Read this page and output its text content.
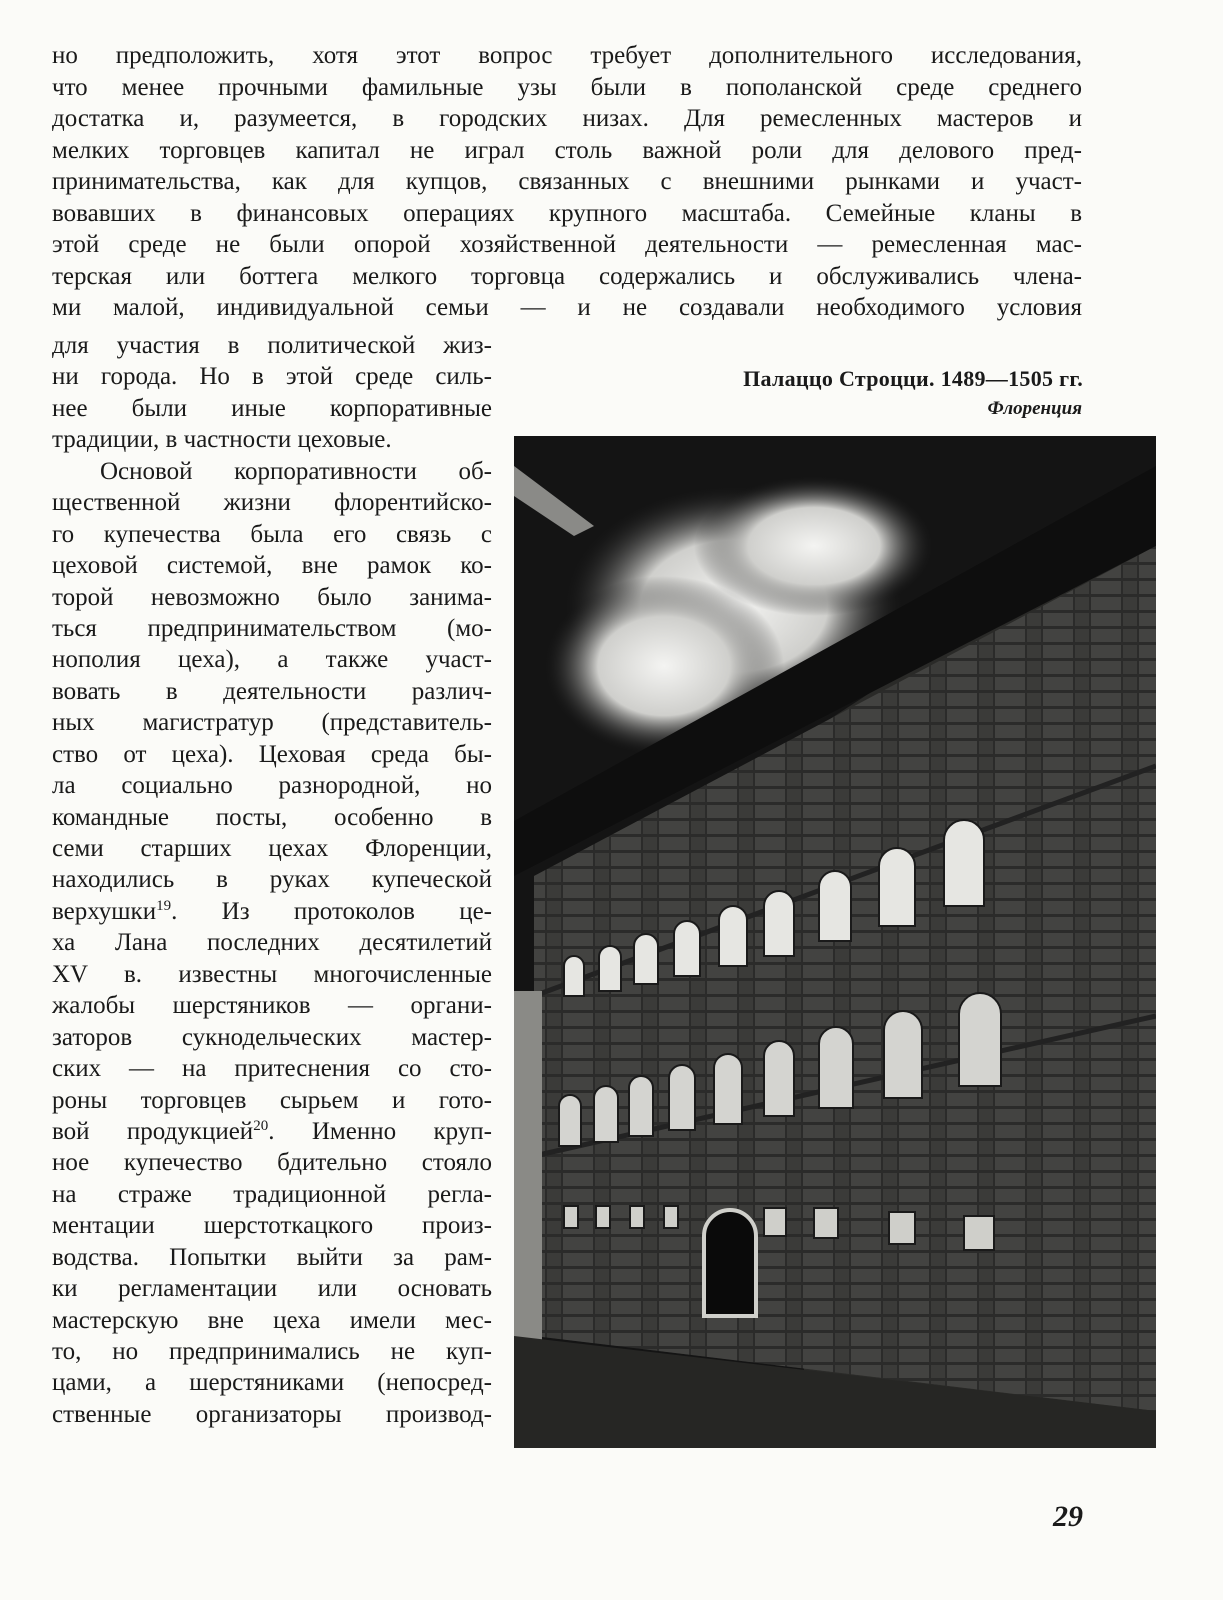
но предположить, хотя этот вопрос требует дополнительного исследования,
что менее прочными фамильные узы были в пополанской среде среднего
достатка и, разумеется, в городских низах. Для ремесленных мастеров и
мелких торговцев капитал не играл столь важной роли для делового пред-
принимательства, как для купцов, связанных с внешними рынками и участ-
вовавших в финансовых операциях крупного масштаба. Семейные кланы в
этой среде не были опорой хозяйственной деятельности — ремесленная мас-
терская или боттега мелкого торговца содержались и обслуживались члена-
ми малой, индивидуальной семьи — и не создавали необходимого условия
для участия в политической жиз-
ни города. Но в этой среде силь-
нее были иные корпоративные
традиции, в частности цеховые.
Основой корпоративности об-
щественной жизни флорентийско-
го купечества была его связь с
цеховой системой, вне рамок ко-
торой невозможно было занима-
ться предпринимательством (мо-
нополия цеха), а также участ-
вовать в деятельности различ-
ных магистратур (представитель-
ство от цеха). Цеховая среда бы-
ла социально разнородной, но
командные посты, особенно в
семи старших цехах Флоренции,
находились в руках купеческой
верхушки$^{19}$. Из протоколов це-
ха Лана последних десятилетий
XV в. известны многочисленные
жалобы шерстяников — органи-
заторов сукнодельческих мастер-
ских — на притеснения со сто-
роны торговцев сырьем и гото-
вой продукцией$^{20}$. Именно круп-
ное купечество бдительно стояло
на страже традиционной регла-
ментации шерстоткацкого произ-
водства. Попытки выйти за рам-
ки регламентации или основать
мастерскую вне цеха имели мес-
то, но предпринимались не куп-
цами, а шерстяниками (непосред-
ственные организаторы производ-
Палаццо Строцци. 1489—1505 гг.
Флоренция
29
